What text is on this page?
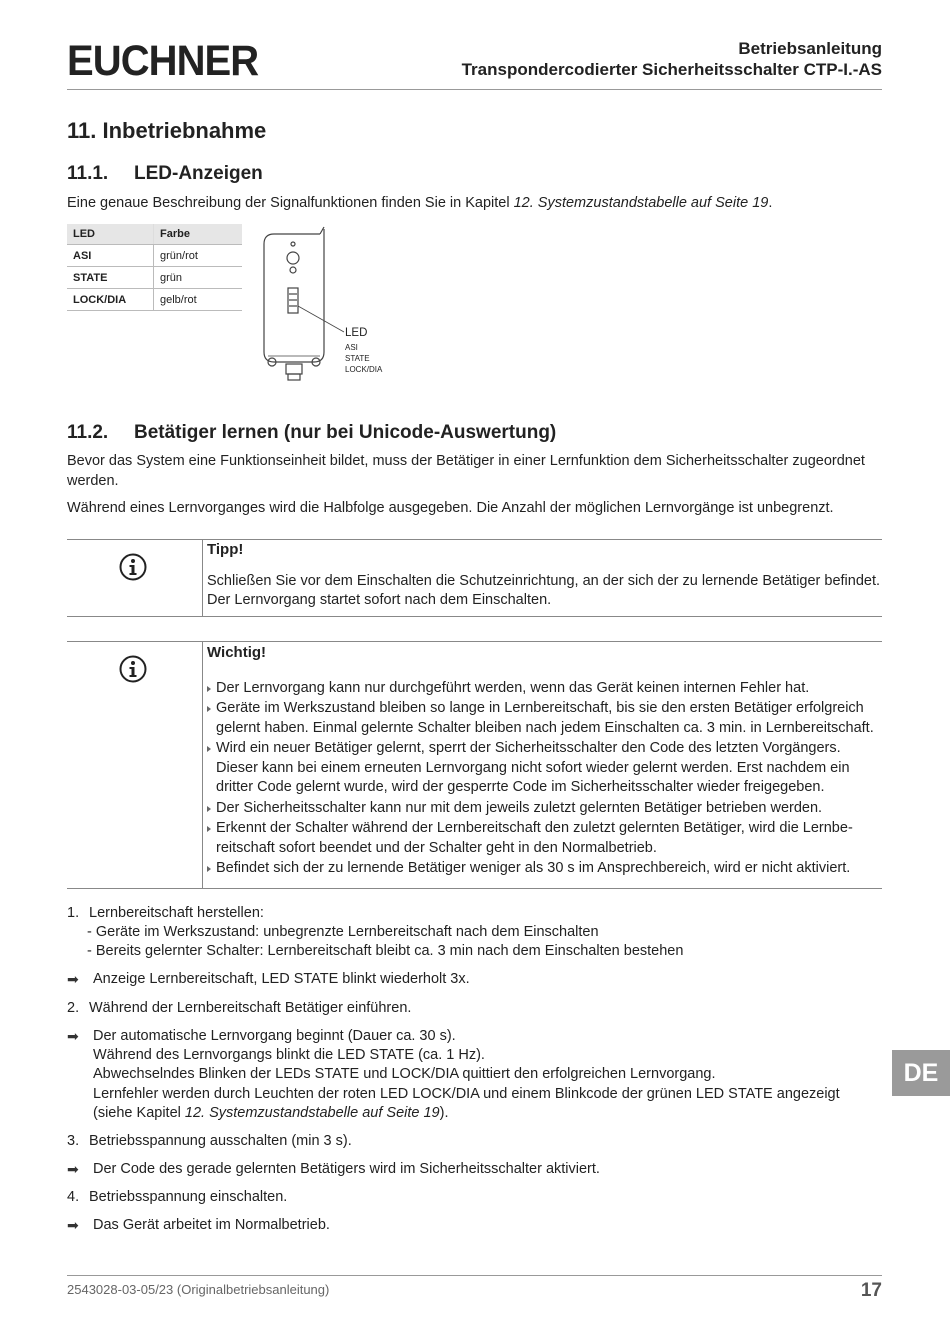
EUCHNER	Betriebsanleitung
Transpondercodierter Sicherheitsschalter CTP-I.-AS
11. Inbetriebnahme
11.1. LED-Anzeigen

Eine genaue Beschreibung der Signalfunktionen finden Sie in Kapitel 12. Systemzustandstabelle auf Seite 19.

LED	Farbe
ASI	grün/rot
STATE	grün
LOCK/DIA	gelb/rot
LED
ASI
STATE
LOCK/DIA
11.2. Betätiger lernen (nur bei Unicode-Auswertung)

Bevor das System eine Funktionseinheit bildet, muss der Betätiger in einer Lernfunktion dem Sicherheitsschalter zugeordnet werden.

Während eines Lernvorganges wird die Halbfolge ausgegeben. Die Anzahl der möglichen Lernvorgänge ist unbegrenzt.

Tipp!
Schließen Sie vor dem Einschalten die Schutzeinrichtung, an der sich der zu lernende Betätiger befindet. Der Lernvorgang startet sofort nach dem Einschalten.
Wichtig!
Der Lernvorgang kann nur durchgeführt werden, wenn das Gerät keinen internen Fehler hat.
Geräte im Werkszustand bleiben so lange in Lernbereitschaft, bis sie den ersten Betätiger erfolgreich gelernt haben. Einmal gelernte Schalter bleiben nach jedem Einschalten ca. 3 min. in Lernbereitschaft.
Wird ein neuer Betätiger gelernt, sperrt der Sicherheitsschalter den Code des letzten Vorgängers. Dieser kann bei einem erneuten Lernvorgang nicht sofort wieder gelernt werden. Erst nachdem ein dritter Code gelernt wurde, wird der gesperrte Code im Sicherheitsschalter wieder freigegeben.
Der Sicherheitsschalter kann nur mit dem jeweils zuletzt gelernten Betätiger betrieben werden.
Erkennt der Schalter während der Lernbereitschaft den zuletzt gelernten Betätiger, wird die Lernbereitschaft sofort beendet und der Schalter geht in den Normalbetrieb.
Befindet sich der zu lernende Betätiger weniger als 30 s im Ansprechbereich, wird er nicht aktiviert.
1. Lernbereitschaft herstellen:
- Geräte im Werkszustand: unbegrenzte Lernbereitschaft nach dem Einschalten
- Bereits gelernter Schalter: Lernbereitschaft bleibt ca. 3 min nach dem Einschalten bestehen
➡ Anzeige Lernbereitschaft, LED STATE blinkt wiederholt 3x.
2. Während der Lernbereitschaft Betätiger einführen.
➡ Der automatische Lernvorgang beginnt (Dauer ca. 30 s).
Während des Lernvorgangs blinkt die LED STATE (ca. 1 Hz).
Abwechselndes Blinken der LEDs STATE und LOCK/DIA quittiert den erfolgreichen Lernvorgang.
Lernfehler werden durch Leuchten der roten LED LOCK/DIA und einem Blinkcode der grünen LED STATE angezeigt
(siehe Kapitel 12. Systemzustandstabelle auf Seite 19).
3. Betriebsspannung ausschalten (min 3 s).
➡ Der Code des gerade gelernten Betätigers wird im Sicherheitsschalter aktiviert.
4. Betriebsspannung einschalten.
➡ Das Gerät arbeitet im Normalbetrieb.
DE
2543028-03-05/23 (Originalbetriebsanleitung)	17
